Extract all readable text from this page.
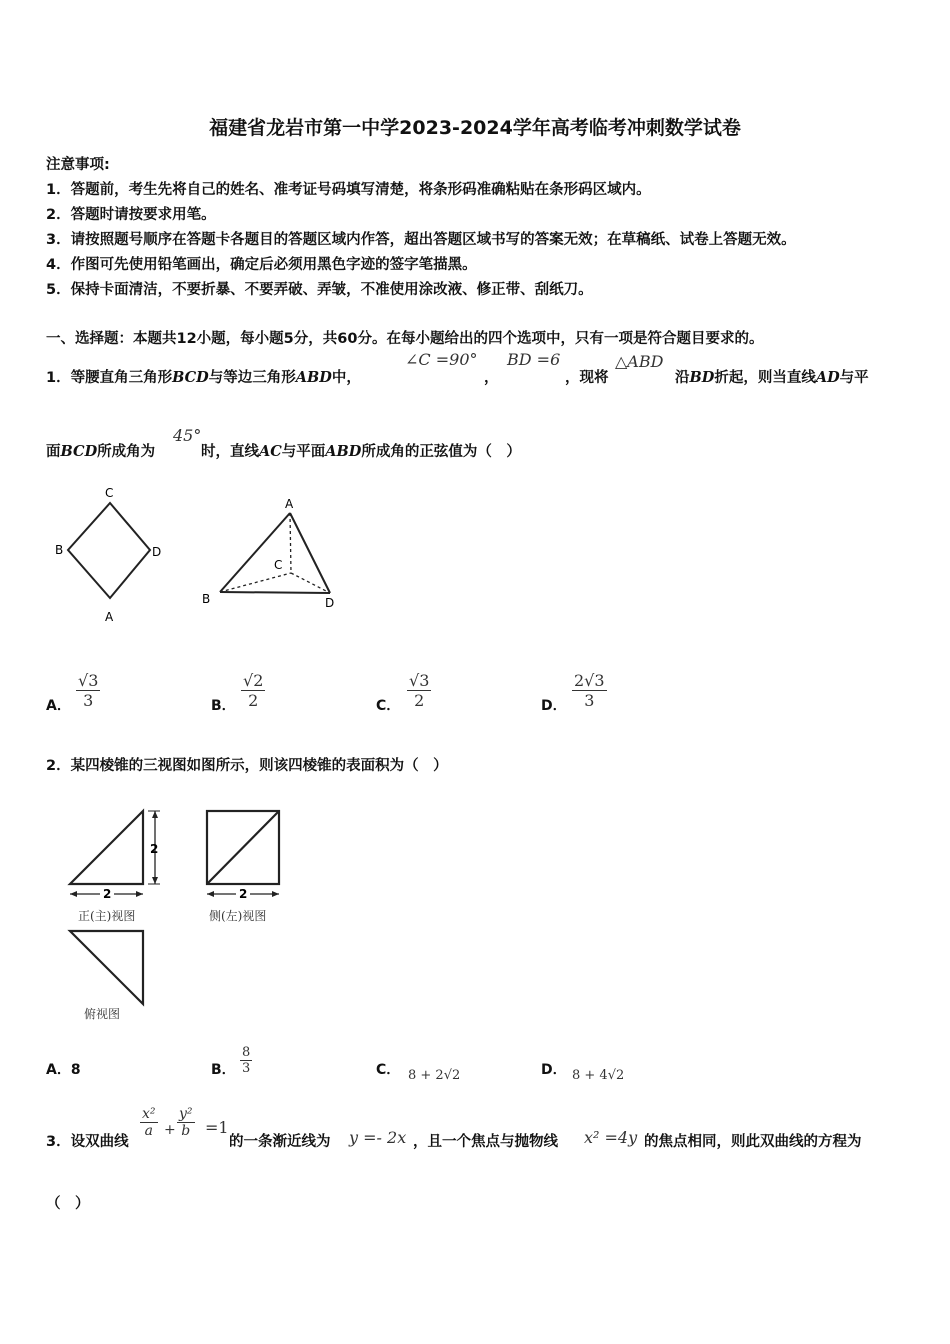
福建省龙岩市第一中学2023-2024学年高考临考冲刺数学试卷
注意事项:
1．答题前，考生先将自己的姓名、准考证号码填写清楚，将条形码准确粘贴在条形码区域内。
2．答题时请按要求用笔。
3．请按照题号顺序在答题卡各题目的答题区域内作答，超出答题区域书写的答案无效；在草稿纸、试卷上答题无效。
4．作图可先使用铅笔画出，确定后必须用黑色字迹的签字笔描黑。
5．保持卡面清洁，不要折暴、不要弄破、弄皱，不准使用涂改液、修正带、刮纸刀。
一、选择题：本题共12小题，每小题5分，共60分。在每小题给出的四个选项中，只有一项是符合题目要求的。
1．等腰直角三角形BCD与等边三角形ABD中，
∠C =90°
，
BD =6
，现将
△ABD
沿BD折起，则当直线AD与平
面BCD所成角为
45°
时，直线AC与平面ABD所成角的正弦值为（　）
C
B	D
A
A
C
B	D
A． $\frac{√3}{3}$	B． $\frac{√2}{2}$	C． $\frac{√3}{2}$	D． $\frac{2√3}{3}$
2．某四棱锥的三视图如图所示，则该四棱锥的表面积为（　）
2
2	2
正(主)视图	侧(左)视图
俯视图
A．8	B． $\frac{8}{3}$	C． 8 + 2√2	D． 8 + 4√2
3．设双曲线
$\frac{\text{x²}}{a} + \frac{\text{y²}}{b} =1$
的一条渐近线为 y =- 2x ，且一个焦点与抛物线 x² =4y 的焦点相同，则此双曲线的方程为
（　）
